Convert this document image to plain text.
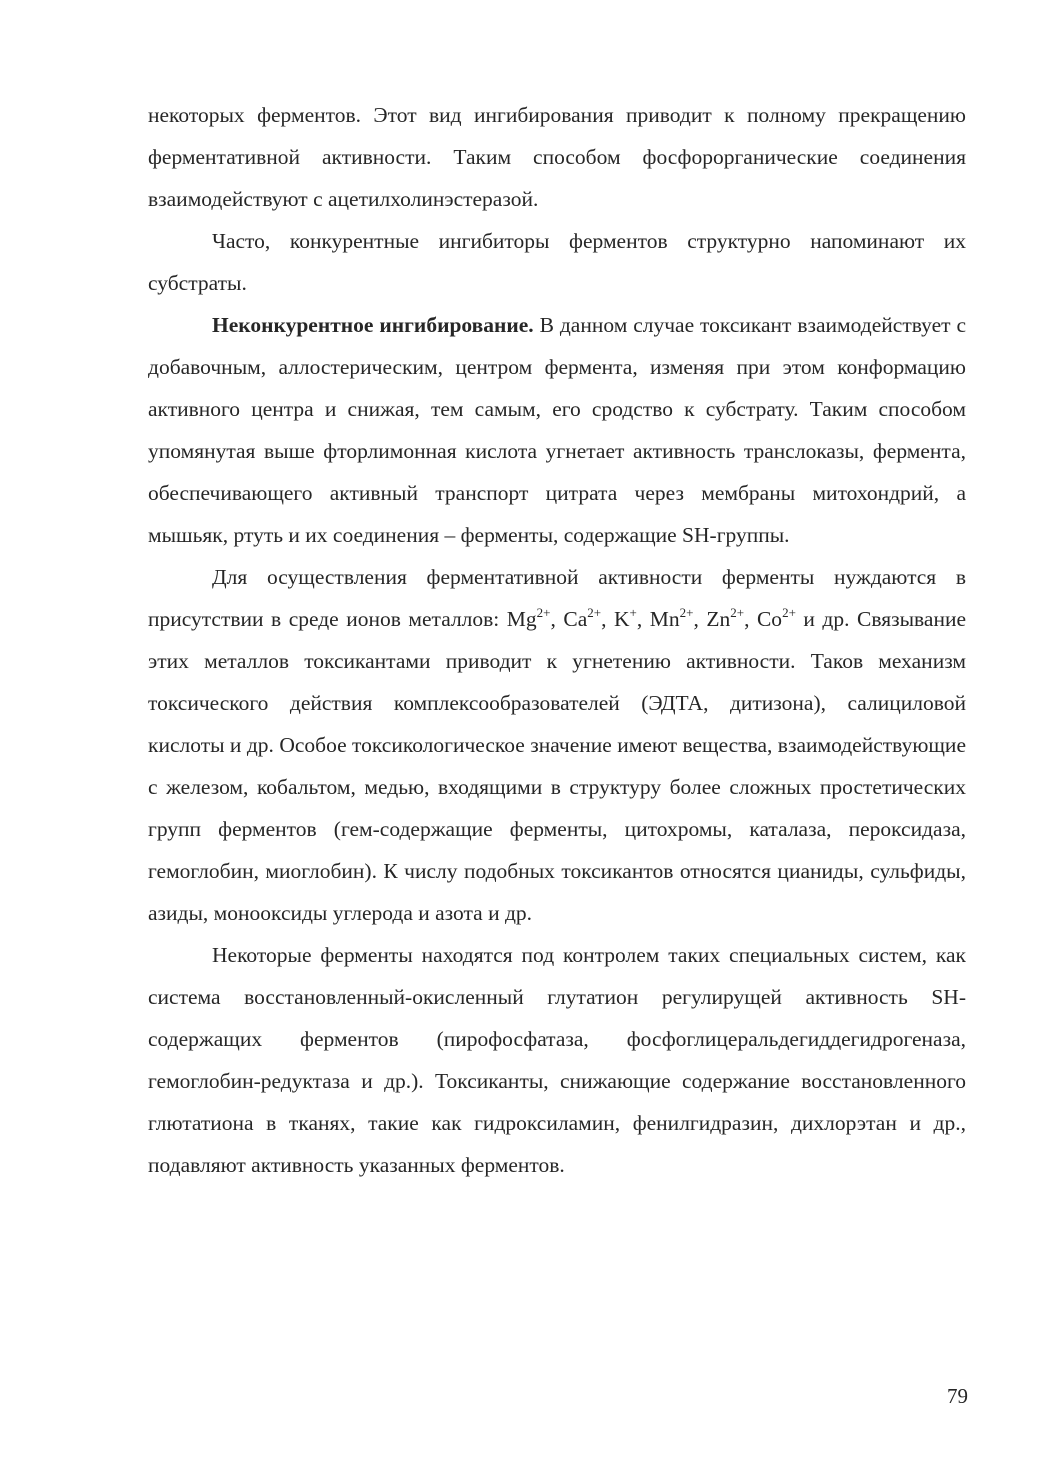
некоторых ферментов. Этот вид ингибирования приводит к полному прекращению ферментативной активности. Таким способом фосфорорганические соединения взаимодействуют с ацетилхолинэстеразой.

Часто, конкурентные ингибиторы ферментов структурно напоминают их субстраты.

Неконкурентное ингибирование. В данном случае токсикант взаимодействует с добавочным, аллостерическим, центром фермента, изменяя при этом конформацию активного центра и снижая, тем самым, его сродство к субстрату. Таким способом упомянутая выше фторлимонная кислота угнетает активность транслоказы, фермента, обеспечивающего активный транспорт цитрата через мембраны митохондрий, а мышьяк, ртуть и их соединения – ферменты, содержащие SH-группы.

Для осуществления ферментативной активности ферменты нуждаются в присутствии в среде ионов металлов: $Mg^{2+}$, $Ca^{2+}$, K+, $Mn^{2+}$, $Zn^{2+}$, $Co^{2+}$ и др. Связывание этих металлов токсикантами приводит к угнетению активности. Таков механизм токсического действия комплексообразователей (ЭДТА, дитизона), салициловой кислоты и др. Особое токсикологическое значение имеют вещества, взаимодействующие с железом, кобальтом, медью, входящими в структуру более сложных простетических групп ферментов (гем-содержащие ферменты, цитохромы, каталаза, пероксидаза, гемоглобин, миоглобин). К числу подобных токсикантов относятся цианиды, сульфиды, азиды, монооксиды углерода и азота и др.

Некоторые ферменты находятся под контролем таких специальных систем, как система восстановленный-окисленный глутатион регулирущей активность SH-содержащих ферментов (пирофосфатаза, фосфоглицеральдегиддегидрогеназа, гемоглобин-редуктаза и др.). Токсиканты, снижающие содержание восстановленного глютатиона в тканях, такие как гидроксиламин, фенилгидразин, дихлорэтан и др., подавляют активность указанных ферментов.

79
